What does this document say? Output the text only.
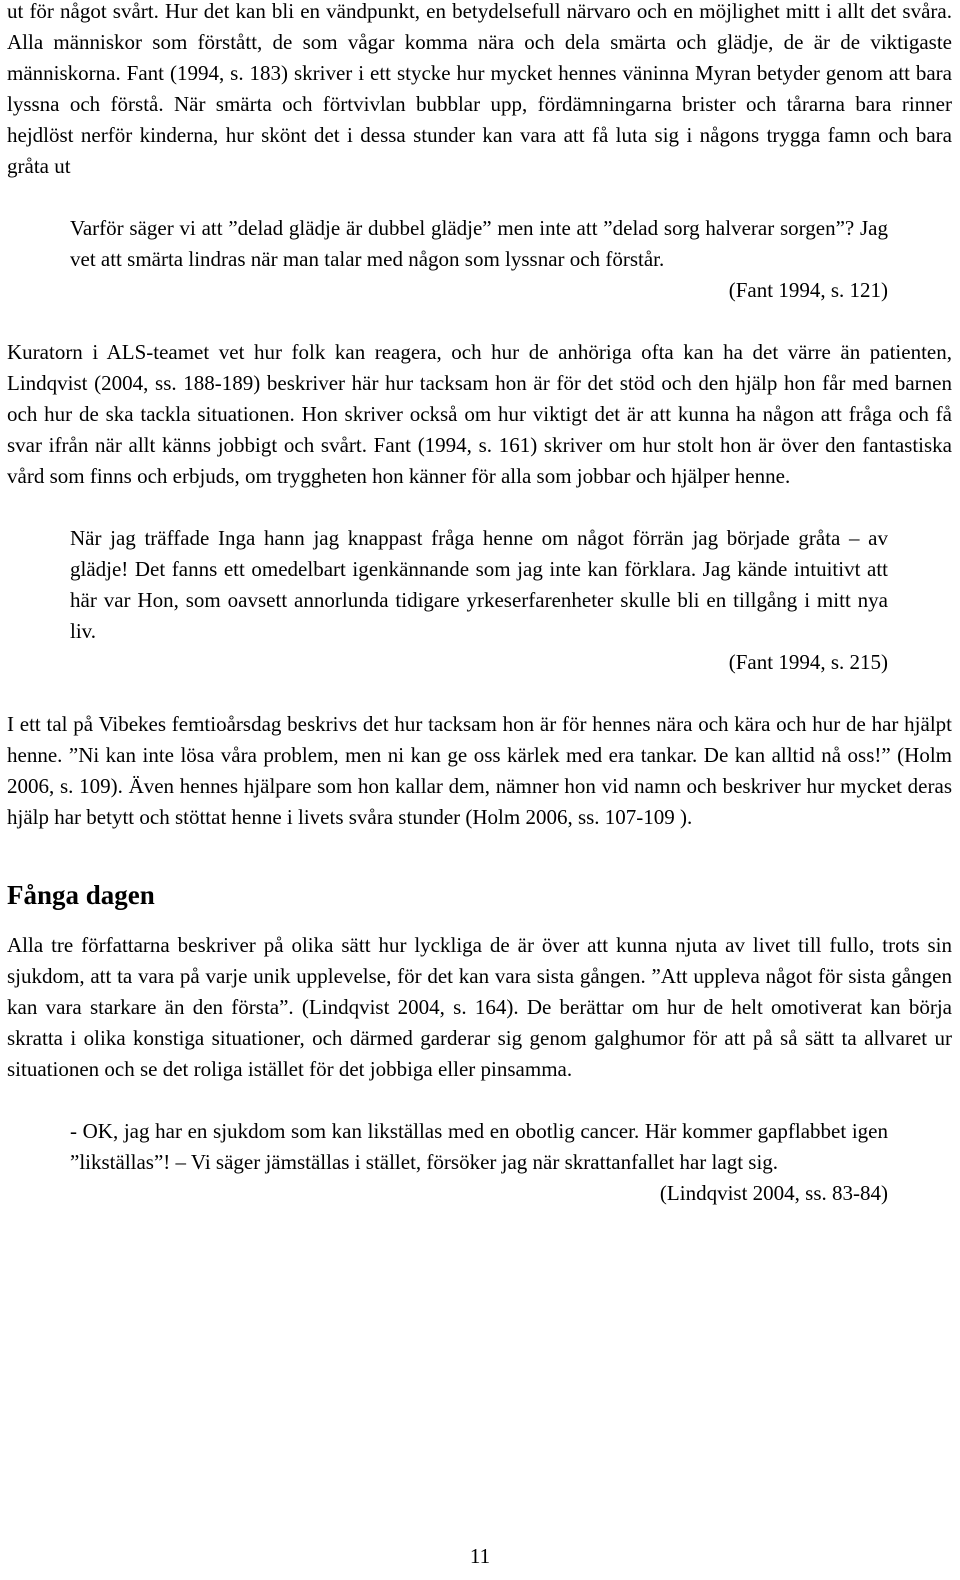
ut för något svårt. Hur det kan bli en vändpunkt, en betydelsefull närvaro och en möjlighet mitt i allt det svåra. Alla människor som förstått, de som vågar komma nära och dela smärta och glädje, de är de viktigaste människorna. Fant (1994, s. 183) skriver i ett stycke hur mycket hennes väninna Myran betyder genom att bara lyssna och förstå. När smärta och förtvivlan bubblar upp, fördämningarna brister och tårarna bara rinner hejdlöst nerför kinderna, hur skönt det i dessa stunder kan vara att få luta sig i någons trygga famn och bara gråta ut

Varför säger vi att ”delad glädje är dubbel glädje” men inte att ”delad sorg halverar sorgen”? Jag vet att smärta lindras när man talar med någon som lyssnar och förstår.

(Fant 1994, s. 121)

Kuratorn i ALS-teamet vet hur folk kan reagera, och hur de anhöriga ofta kan ha det värre än patienten, Lindqvist (2004, ss. 188-189) beskriver här hur tacksam hon är för det stöd och den hjälp hon får med barnen och hur de ska tackla situationen. Hon skriver också om hur viktigt det är att kunna ha någon att fråga och få svar ifrån när allt känns jobbigt och svårt. Fant (1994, s. 161) skriver om hur stolt hon är över den fantastiska vård som finns och erbjuds, om tryggheten hon känner för alla som jobbar och hjälper henne.

När jag träffade Inga hann jag knappast fråga henne om något förrän jag började gråta – av glädje! Det fanns ett omedelbart igenkännande som jag inte kan förklara. Jag kände intuitivt att här var Hon, som oavsett annorlunda tidigare yrkeserfarenheter skulle bli en tillgång i mitt nya liv.

(Fant 1994, s. 215)

I ett tal på Vibekes femtioårsdag beskrivs det hur tacksam hon är för hennes nära och kära och hur de har hjälpt henne. ”Ni kan inte lösa våra problem, men ni kan ge oss kärlek med era tankar. De kan alltid nå oss!” (Holm 2006, s. 109). Även hennes hjälpare som hon kallar dem, nämner hon vid namn och beskriver hur mycket deras hjälp har betytt och stöttat henne i livets svåra stunder (Holm 2006, ss. 107-109 ).

Fånga dagen

Alla tre författarna beskriver på olika sätt hur lyckliga de är över att kunna njuta av livet till fullo, trots sin sjukdom, att ta vara på varje unik upplevelse, för det kan vara sista gången. ”Att uppleva något för sista gången kan vara starkare än den första”. (Lindqvist 2004, s. 164). De berättar om hur de helt omotiverat kan börja skratta i olika konstiga situationer, och därmed garderar sig genom galghumor för att på så sätt ta allvaret ur situationen och se det roliga istället för det jobbiga eller pinsamma.

- OK, jag har en sjukdom som kan likställas med en obotlig cancer. Här kommer gapflabbet igen ”likställas”! – Vi säger jämställas i stället, försöker jag när skrattanfallet har lagt sig.

(Lindqvist 2004, ss. 83-84)

11
